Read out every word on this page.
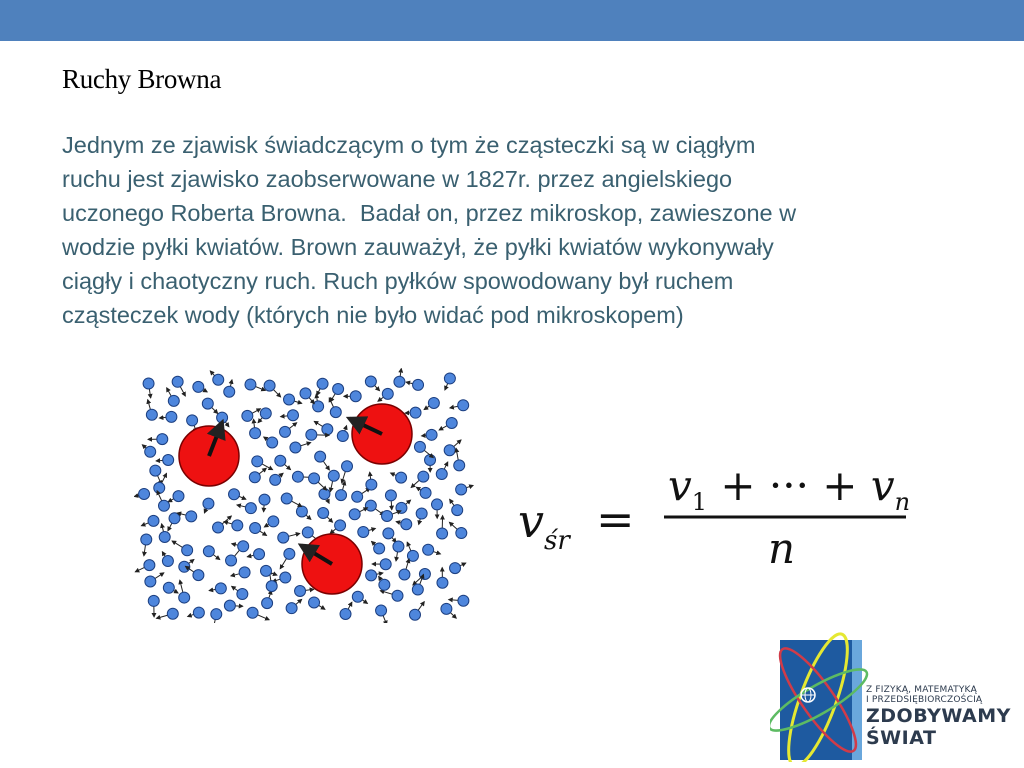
Ruchy Browna
Jednym ze zjawisk świadczącym o tym że cząsteczki są w ciągłym
ruchu jest zjawisko zaobserwowane w 1827r. przez angielskiego
uczonego Roberta Browna.  Badał on, przez mikroskop, zawieszone w
wodzie pyłki kwiatów. Brown zauważył, że pyłki kwiatów wykonywały
ciągły i chaotyczny ruch. Ruch pyłków spowodowany był ruchem
cząsteczek wody (których nie było widać pod mikroskopem)
$v_{śr}$ =
$v_1$ + ··· + $v_n$
n
Z FIZYKĄ, MATEMATYKĄ
I PRZEDSIĘBIORCZOŚCIĄ
ZDOBYWAMY
ŚWIAT
